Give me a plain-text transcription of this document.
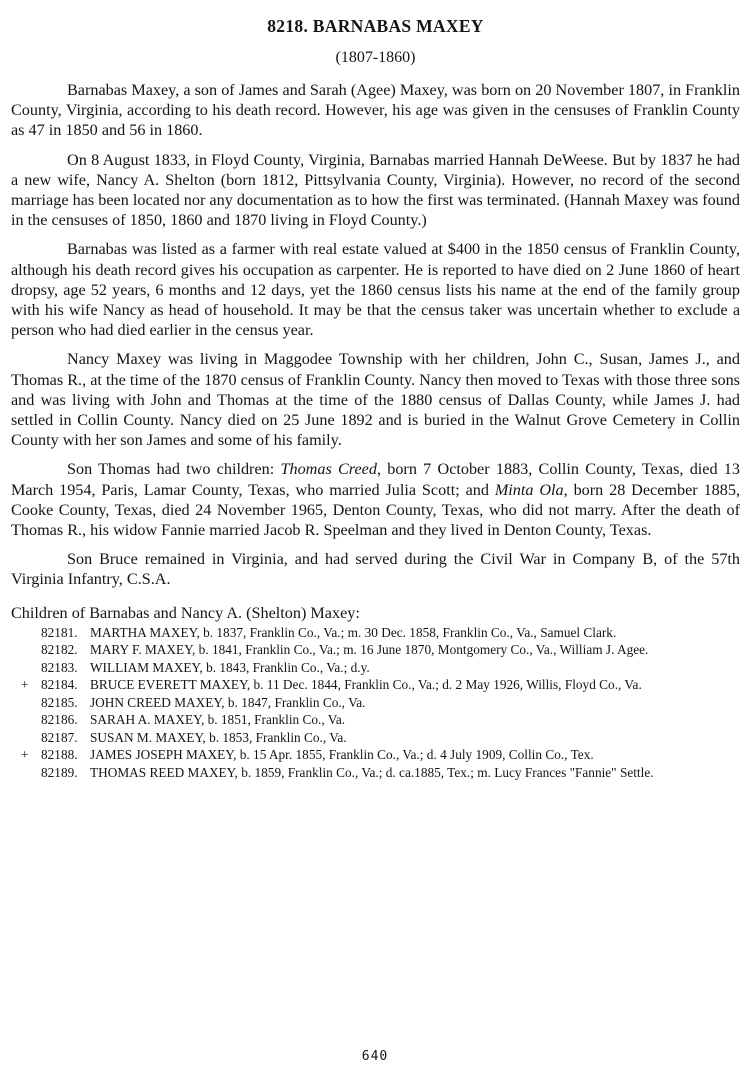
8218. BARNABAS MAXEY
(1807-1860)

Barnabas Maxey, a son of James and Sarah (Agee) Maxey, was born on 20 November 1807, in Franklin County, Virginia, according to his death record. However, his age was given in the censuses of Franklin County as 47 in 1850 and 56 in 1860.

On 8 August 1833, in Floyd County, Virginia, Barnabas married Hannah DeWeese. But by 1837 he had a new wife, Nancy A. Shelton (born 1812, Pittsylvania County, Virginia). However, no record of the second marriage has been located nor any documentation as to how the first was terminated. (Hannah Maxey was found in the censuses of 1850, 1860 and 1870 living in Floyd County.)

Barnabas was listed as a farmer with real estate valued at $400 in the 1850 census of Franklin County, although his death record gives his occupation as carpenter. He is reported to have died on 2 June 1860 of heart dropsy, age 52 years, 6 months and 12 days, yet the 1860 census lists his name at the end of the family group with his wife Nancy as head of household. It may be that the census taker was uncertain whether to exclude a person who had died earlier in the census year.

Nancy Maxey was living in Maggodee Township with her children, John C., Susan, James J., and Thomas R., at the time of the 1870 census of Franklin County. Nancy then moved to Texas with those three sons and was living with John and Thomas at the time of the 1880 census of Dallas County, while James J. had settled in Collin County. Nancy died on 25 June 1892 and is buried in the Walnut Grove Cemetery in Collin County with her son James and some of his family.

Son Thomas had two children: Thomas Creed, born 7 October 1883, Collin County, Texas, died 13 March 1954, Paris, Lamar County, Texas, who married Julia Scott; and Minta Ola, born 28 December 1885, Cooke County, Texas, died 24 November 1965, Denton County, Texas, who did not marry. After the death of Thomas R., his widow Fannie married Jacob R. Speelman and they lived in Denton County, Texas.

Son Bruce remained in Virginia, and had served during the Civil War in Company B, of the 57th Virginia Infantry, C.S.A.

Children of Barnabas and Nancy A. (Shelton) Maxey:
82181. MARTHA MAXEY, b. 1837, Franklin Co., Va.; m. 30 Dec. 1858, Franklin Co., Va., Samuel Clark.
82182. MARY F. MAXEY, b. 1841, Franklin Co., Va.; m. 16 June 1870, Montgomery Co., Va., William J. Agee.
82183. WILLIAM MAXEY, b. 1843, Franklin Co., Va.; d.y.
+ 82184. BRUCE EVERETT MAXEY, b. 11 Dec. 1844, Franklin Co., Va.; d. 2 May 1926, Willis, Floyd Co., Va.
82185. JOHN CREED MAXEY, b. 1847, Franklin Co., Va.
82186. SARAH A. MAXEY, b. 1851, Franklin Co., Va.
82187. SUSAN M. MAXEY, b. 1853, Franklin Co., Va.
+ 82188. JAMES JOSEPH MAXEY, b. 15 Apr. 1855, Franklin Co., Va.; d. 4 July 1909, Collin Co., Tex.
82189. THOMAS REED MAXEY, b. 1859, Franklin Co., Va.; d. ca.1885, Tex.; m. Lucy Frances "Fannie" Settle.
640
